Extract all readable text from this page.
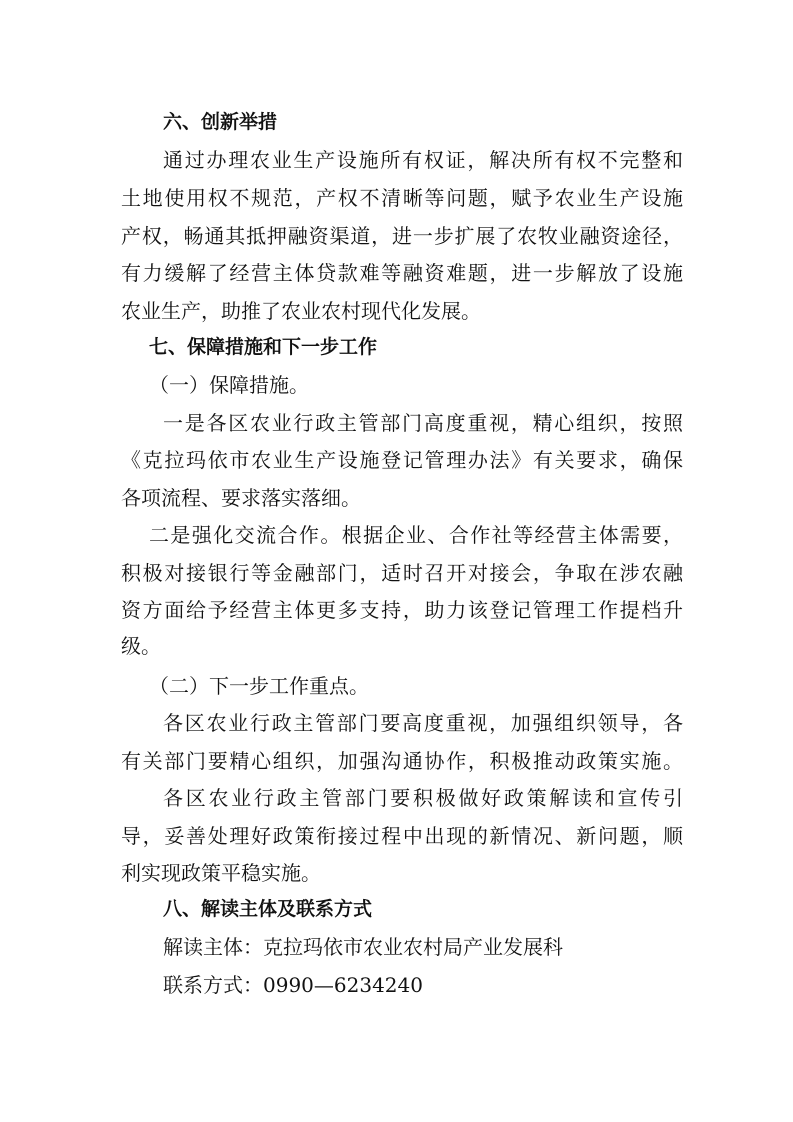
六、创新举措
通过办理农业生产设施所有权证，解决所有权不完整和
土地使用权不规范，产权不清晰等问题，赋予农业生产设施
产权，畅通其抵押融资渠道，进一步扩展了农牧业融资途径，
有力缓解了经营主体贷款难等融资难题，进一步解放了设施
农业生产，助推了农业农村现代化发展。
七、保障措施和下一步工作
（一）保障措施。
一是各区农业行政主管部门高度重视，精心组织，按照
《克拉玛依市农业生产设施登记管理办法》有关要求，确保
各项流程、要求落实落细。
二是强化交流合作。根据企业、合作社等经营主体需要，
积极对接银行等金融部门，适时召开对接会，争取在涉农融
资方面给予经营主体更多支持，助力该登记管理工作提档升
级。
（二）下一步工作重点。
各区农业行政主管部门要高度重视，加强组织领导，各
有关部门要精心组织，加强沟通协作，积极推动政策实施。
各区农业行政主管部门要积极做好政策解读和宣传引
导，妥善处理好政策衔接过程中出现的新情况、新问题，顺
利实现政策平稳实施。
八、解读主体及联系方式
解读主体：克拉玛依市农业农村局产业发展科
联系方式：0990—6234240
